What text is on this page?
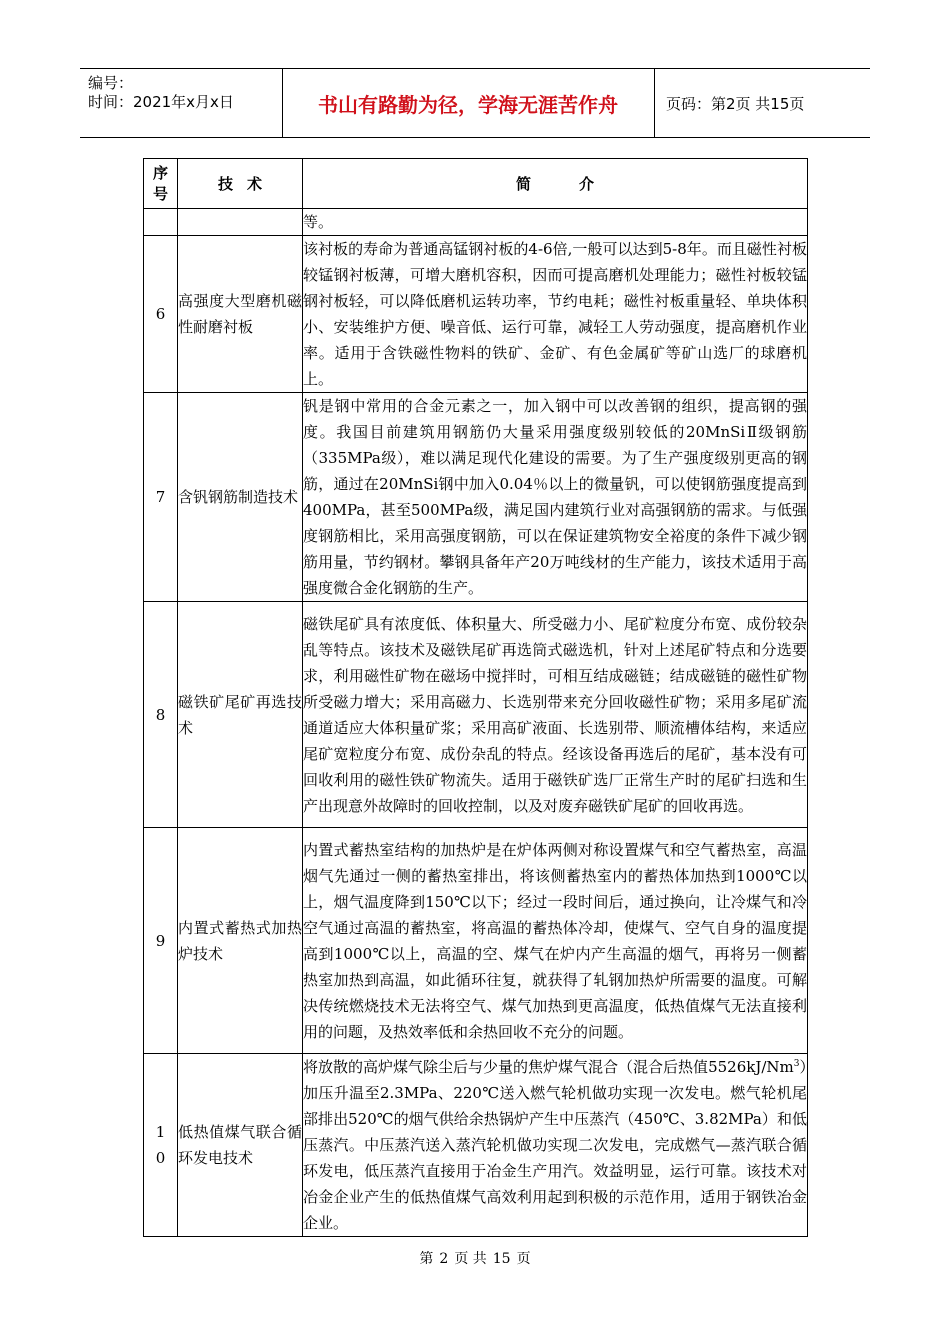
编号：
时间：2021年x月x日	书山有路勤为径，学海无涯苦作舟	页码：第2页 共15页
序
号	技术	简介
		等。
6	高强度大型磨机磁性耐磨衬板	该衬板的寿命为普通高锰钢衬板的4-6倍,一般可以达到5-8年。而且磁性衬板较锰钢衬板薄，可增大磨机容积，因而可提高磨机处理能力；磁性衬板较锰钢衬板轻，可以降低磨机运转功率，节约电耗；磁性衬板重量轻、单块体积小、安装维护方便、噪音低、运行可靠，减轻工人劳动强度，提高磨机作业率。适用于含铁磁性物料的铁矿、金矿、有色金属矿等矿山选厂的球磨机上。
7	含钒钢筋制造技术	钒是钢中常用的合金元素之一，加入钢中可以改善钢的组织，提高钢的强度。我国目前建筑用钢筋仍大量采用强度级别较低的20MnSiⅡ级钢筋（335MPa级），难以满足现代化建设的需要。为了生产强度级别更高的钢筋，通过在20MnSi钢中加入0.04％以上的微量钒，可以使钢筋强度提高到400MPa，甚至500MPa级，满足国内建筑行业对高强钢筋的需求。与低强度钢筋相比，采用高强度钢筋，可以在保证建筑物安全裕度的条件下减少钢筋用量，节约钢材。攀钢具备年产20万吨线材的生产能力，该技术适用于高强度微合金化钢筋的生产。
8	磁铁矿尾矿再选技术	磁铁尾矿具有浓度低、体积量大、所受磁力小、尾矿粒度分布宽、成份较杂乱等特点。该技术及磁铁尾矿再选筒式磁选机，针对上述尾矿特点和分选要求，利用磁性矿物在磁场中搅拌时，可相互结成磁链；结成磁链的磁性矿物所受磁力增大；采用高磁力、长选别带来充分回收磁性矿物；采用多尾矿流通道适应大体积量矿浆；采用高矿液面、长选别带、顺流槽体结构，来适应尾矿宽粒度分布宽、成份杂乱的特点。经该设备再选后的尾矿，基本没有可回收利用的磁性铁矿物流失。适用于磁铁矿选厂正常生产时的尾矿扫选和生产出现意外故障时的回收控制，以及对废弃磁铁矿尾矿的回收再选。
9	内置式蓄热式加热炉技术	内置式蓄热室结构的加热炉是在炉体两侧对称设置煤气和空气蓄热室，高温烟气先通过一侧的蓄热室排出，将该侧蓄热室内的蓄热体加热到1000℃以上，烟气温度降到150℃以下；经过一段时间后，通过换向，让冷煤气和冷空气通过高温的蓄热室，将高温的蓄热体冷却，使煤气、空气自身的温度提高到1000℃以上，高温的空、煤气在炉内产生高温的烟气，再将另一侧蓄热室加热到高温，如此循环往复，就获得了轧钢加热炉所需要的温度。可解决传统燃烧技术无法将空气、煤气加热到更高温度，低热值煤气无法直接利用的问题，及热效率低和余热回收不充分的问题。
1
0	低热值煤气联合循环发电技术	将放散的高炉煤气除尘后与少量的焦炉煤气混合（混合后热值5526kJ/Nm$^3$）加压升温至2.3MPa、220℃送入燃气轮机做功实现一次发电。燃气轮机尾部排出520℃的烟气供给余热锅炉产生中压蒸汽（450℃、3.82MPa）和低压蒸汽。中压蒸汽送入蒸汽轮机做功实现二次发电，完成燃气—蒸汽联合循环发电，低压蒸汽直接用于冶金生产用汽。效益明显，运行可靠。该技术对冶金企业产生的低热值煤气高效利用起到积极的示范作用，适用于钢铁冶金企业。
第 2 页 共 15 页
